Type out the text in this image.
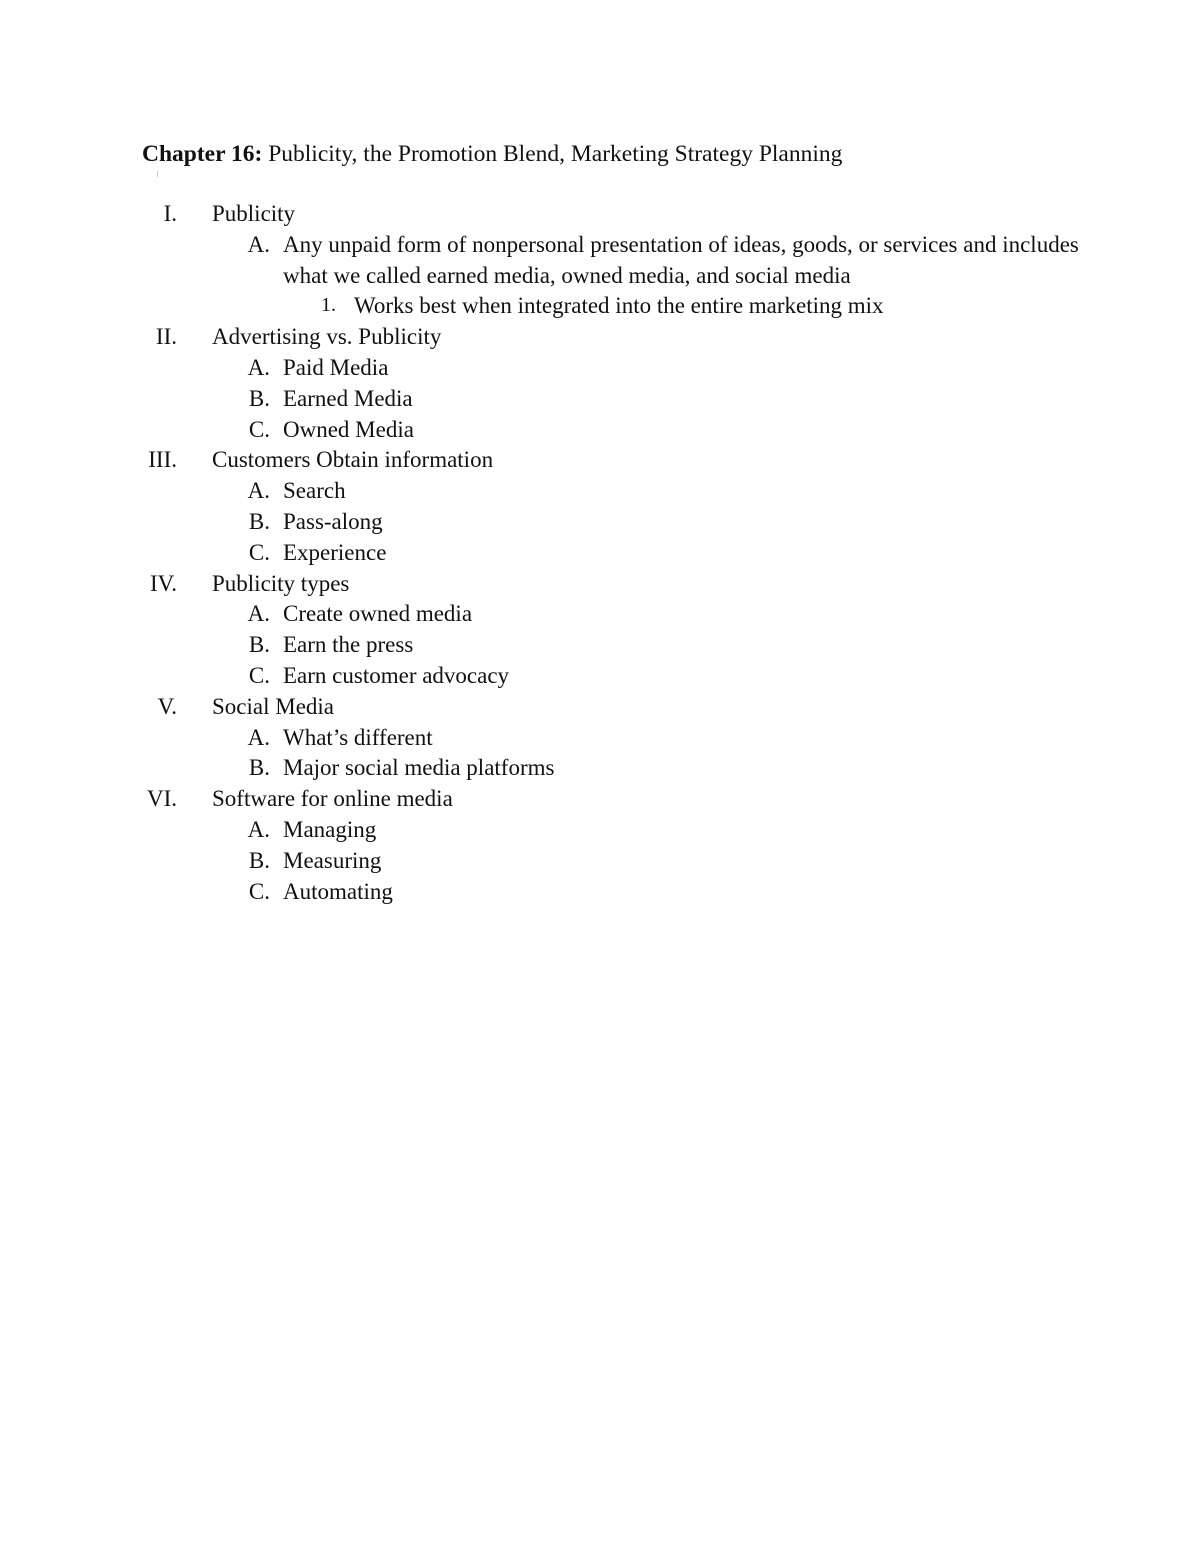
Chapter 16: Publicity, the Promotion Blend, Marketing Strategy Planning
I. Publicity
A. Any unpaid form of nonpersonal presentation of ideas, goods, or services and includes
what we called earned media, owned media, and social media
1. Works best when integrated into the entire marketing mix
II. Advertising vs. Publicity
A. Paid Media
B. Earned Media
C. Owned Media
III. Customers Obtain information
A. Search
B. Pass-along
C. Experience
IV. Publicity types
A. Create owned media
B. Earn the press
C. Earn customer advocacy
V. Social Media
A. What’s different
B. Major social media platforms
VI. Software for online media
A. Managing
B. Measuring
C. Automating
